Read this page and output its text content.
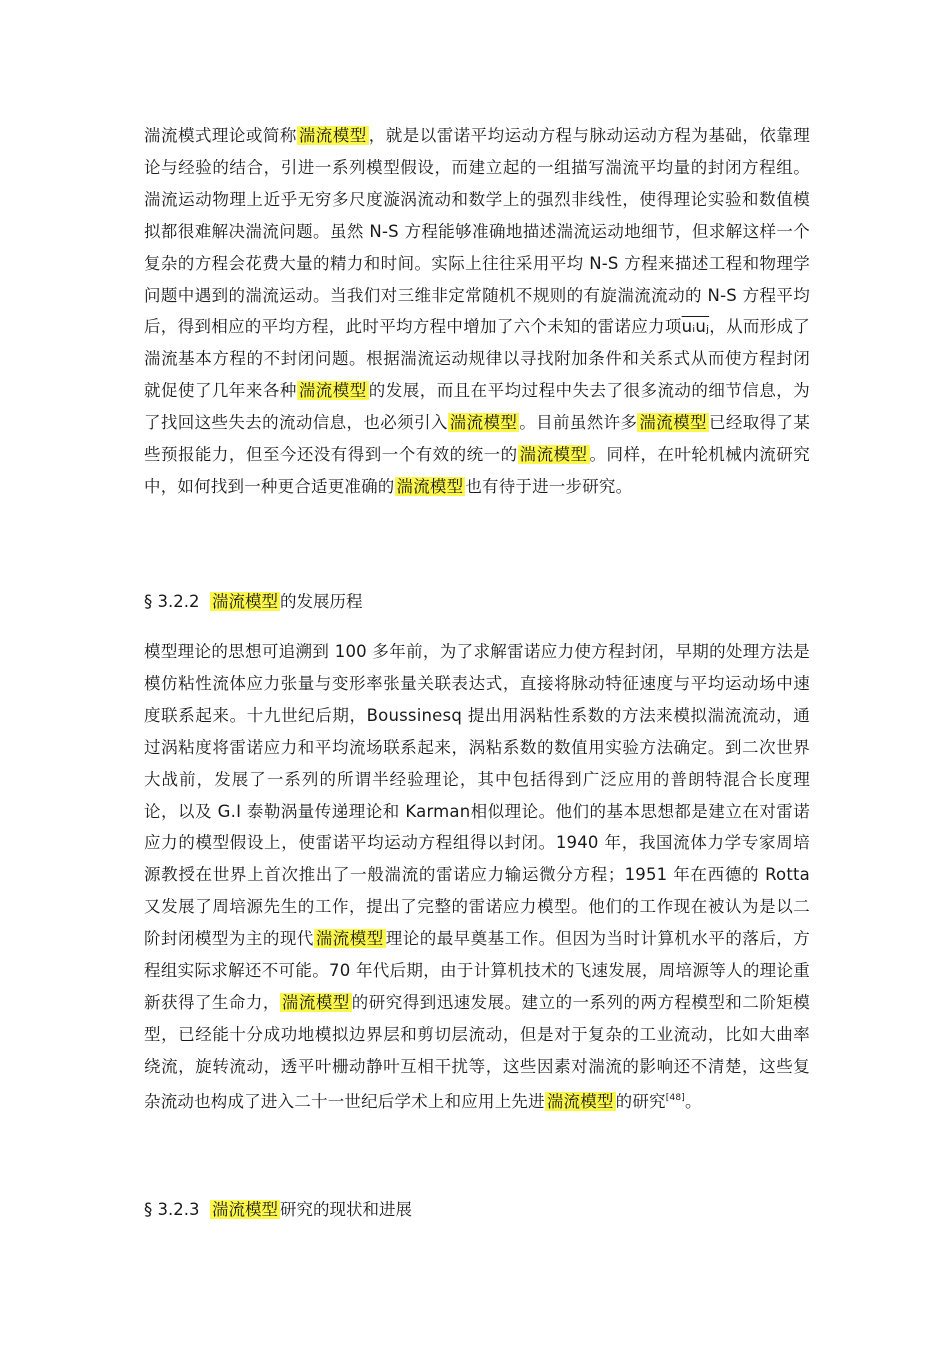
湍流模式理论或简称 湍流模型 ，就是以雷诺平均运动方程与脉动运动方程为基础，依靠理论与经验的结合，引进一系列模型假设，而建立起的一组描写湍流平均量的封闭方程组。湍流运动物理上近乎无穷多尺度漩涡流动和数学上的强烈非线性，使得理论实验和数值模拟都很难解决湍流问题。虽然 N-S 方程能够准确地描述湍流运动地细节，但求解这样一个复杂的方程会花费大量的精力和时间。实际上往往采用平均 N-S 方程来描述工程和物理学问题中遇到的湍流运动。当我们对三维非定常随机不规则的有旋湍流流动的 N-S 方程平均后，得到相应的平均方程，此时平均方程中增加了六个未知的雷诺应力项uᵢuⱼ，从而形成了湍流基本方程的不封闭问题。根据湍流运动规律以寻找附加条件和关系式从而使方程封闭就促使了几年来各种 湍流模型 的发展，而且在平均过程中失去了很多流动的细节信息，为了找回这些失去的流动信息，也必须引入 湍流模型 。目前虽然许多 湍流模型 已经取得了某些预报能力，但至今还没有得到一个有效的统一的 湍流模型 。同样，在叶轮机械内流研究中，如何找到一种更合适更准确的 湍流模型 也有待于进一步研究。

§ 3.2.2 湍流模型 的发展历程

模型理论的思想可追溯到 100 多年前，为了求解雷诺应力使方程封闭，早期的处理方法是模仿粘性流体应力张量与变形率张量关联表达式，直接将脉动特征速度与平均运动场中速度联系起来。十九世纪后期，Boussinesq 提出用涡粘性系数的方法来模拟湍流流动，通过涡粘度将雷诺应力和平均流场联系起来，涡粘系数的数值用实验方法确定。到二次世界大战前，发展了一系列的所谓半经验理论，其中包括得到广泛应用的普朗特混合长度理论，以及 G.I 泰勒涡量传递理论和 Karman相似理论。他们的基本思想都是建立在对雷诺应力的模型假设上，使雷诺平均运动方程组得以封闭。1940 年，我国流体力学专家周培源教授在世界上首次推出了一般湍流的雷诺应力输运微分方程；1951 年在西德的 Rotta 又发展了周培源先生的工作，提出了完整的雷诺应力模型。他们的工作现在被认为是以二阶封闭模型为主的现代 湍流模型 理论的最早奠基工作。但因为当时计算机水平的落后，方程组实际求解还不可能。70 年代后期，由于计算机技术的飞速发展，周培源等人的理论重新获得了生命力， 湍流模型 的研究得到迅速发展。建立的一系列的两方程模型和二阶矩模型，已经能十分成功地模拟边界层和剪切层流动，但是对于复杂的工业流动，比如大曲率绕流，旋转流动，透平叶栅动静叶互相干扰等，这些因素对湍流的影响还不清楚，这些复杂流动也构成了进入二十一世纪后学术上和应用上先进 湍流模型 的研究[48]。

§ 3.2.3 湍流模型 研究的现状和进展
